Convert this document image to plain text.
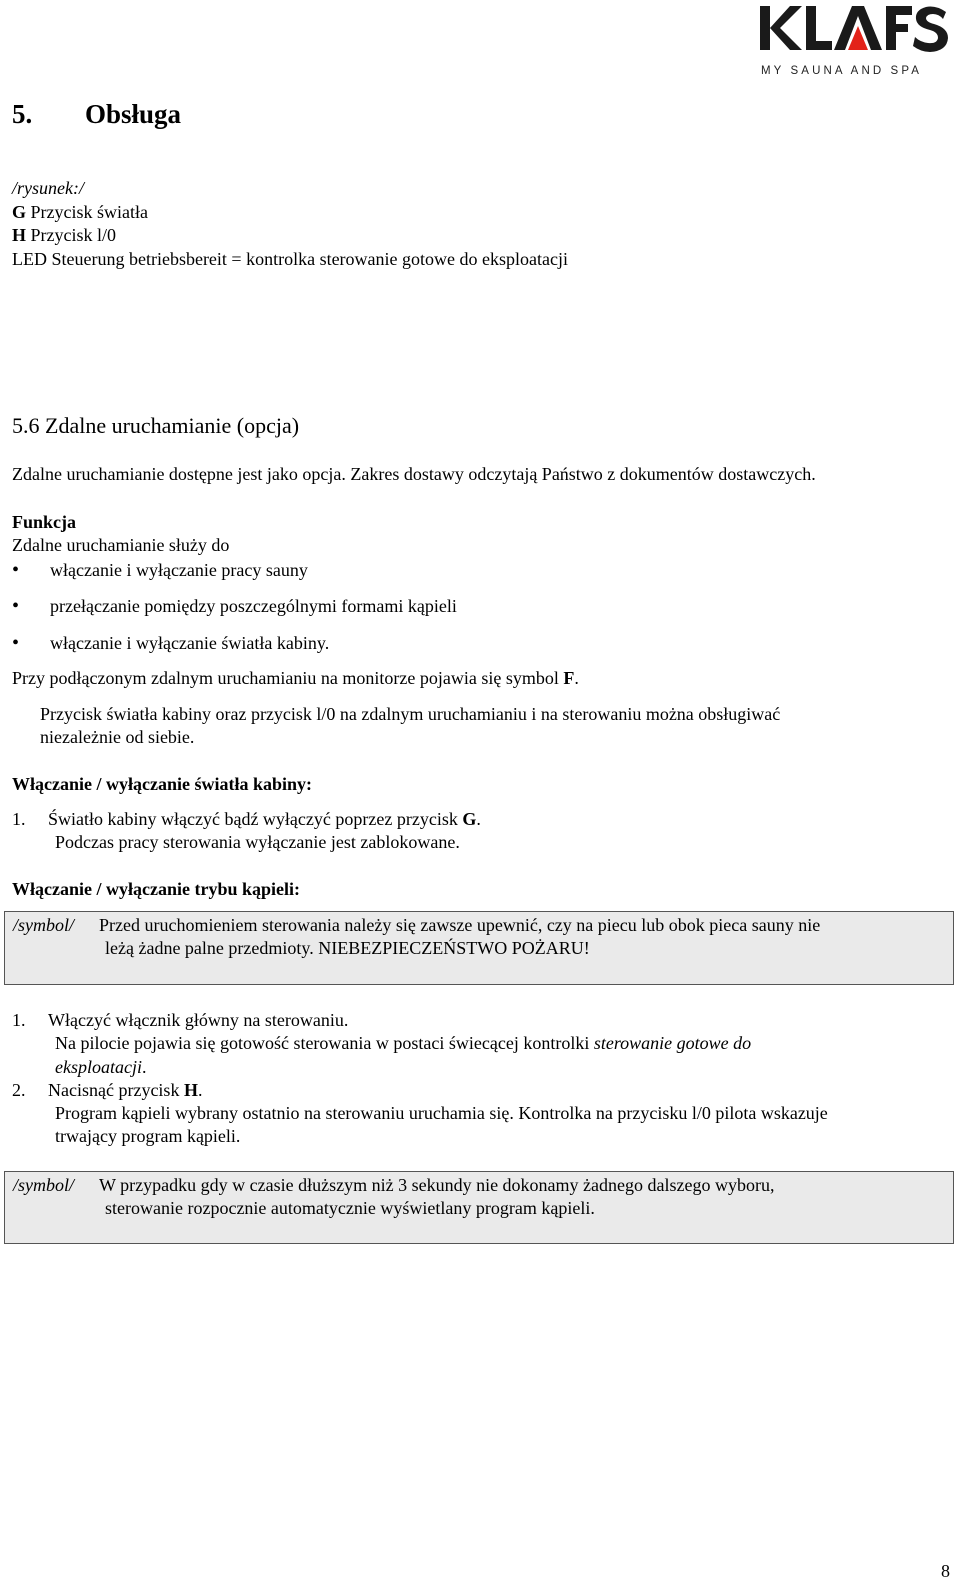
MY SAUNA AND SPA
5. Obsługa
/rysunek:/
G Przycisk światła
H Przycisk l/0
LED Steuerung betriebsbereit = kontrolka sterowanie gotowe do eksploatacji
5.6 Zdalne uruchamianie (opcja)
Zdalne uruchamianie dostępne jest jako opcja. Zakres dostawy odczytają Państwo z dokumentów dostawczych.
Funkcja
Zdalne uruchamianie służy do
•włączanie i wyłączanie pracy sauny
•przełączanie pomiędzy poszczególnymi formami kąpieli
•włączanie i wyłączanie światła kabiny.
Przy podłączonym zdalnym uruchamianiu na monitorze pojawia się symbol F.
Przycisk światła kabiny oraz przycisk l/0 na zdalnym uruchamianiu i na sterowaniu można obsługiwać
niezależnie od siebie.
Włączanie / wyłączanie światła kabiny:
1. Światło kabiny włączyć bądź wyłączyć poprzez przycisk G.
Podczas pracy sterowania wyłączanie jest zablokowane.
Włączanie / wyłączanie trybu kąpieli:
/symbol/ Przed uruchomieniem sterowania należy się zawsze upewnić, czy na piecu lub obok pieca sauny nie
leżą żadne palne przedmioty. NIEBEZPIECZEŃSTWO POŻARU!
1. Włączyć włącznik główny na sterowaniu.
Na pilocie pojawia się gotowość sterowania w postaci świecącej kontrolki sterowanie gotowe do
eksploatacji.
2. Nacisnąć przycisk H.
Program kąpieli wybrany ostatnio na sterowaniu uruchamia się. Kontrolka na przycisku l/0 pilota wskazuje
trwający program kąpieli.
/symbol/ W przypadku gdy w czasie dłuższym niż 3 sekundy nie dokonamy żadnego dalszego wyboru,
sterowanie rozpocznie automatycznie wyświetlany program kąpieli.
8
